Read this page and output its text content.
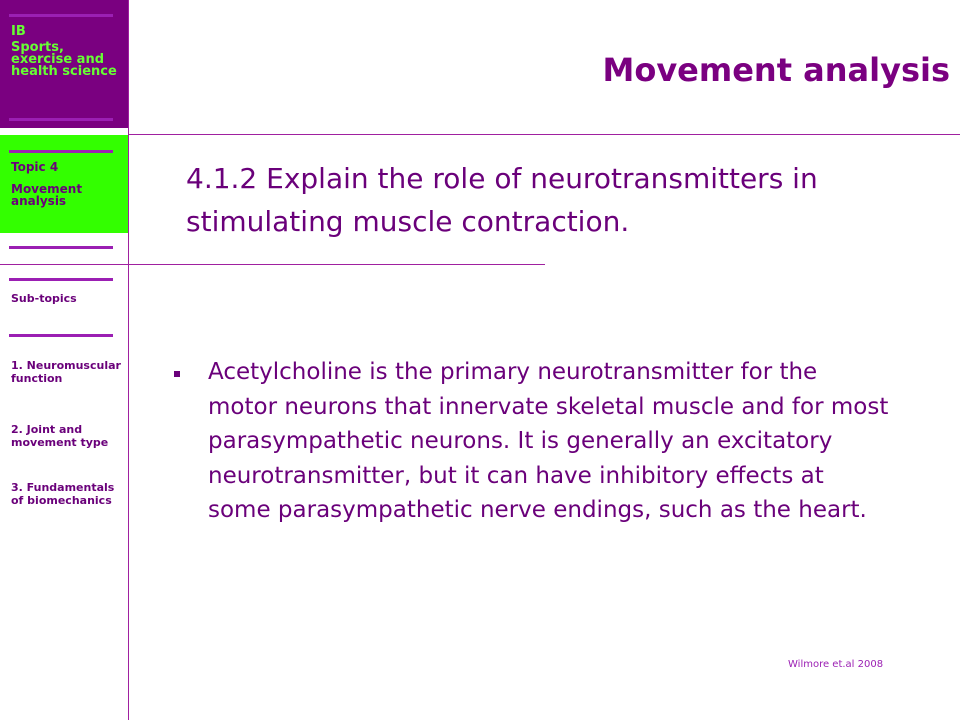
IB
Sports, exercise and health science
Topic 4
Movement analysis
Sub-topics
1. Neuromuscular function
2. Joint and movement type
3. Fundamentals of biomechanics
Movement analysis
4.1.2 Explain the role of neurotransmitters in stimulating muscle contraction.
Acetylcholine is the primary neurotransmitter for the motor neurons that innervate skeletal muscle and for most parasympathetic neurons. It is generally an excitatory neurotransmitter, but it can have inhibitory effects at some parasympathetic nerve endings, such as the heart.
Wilmore et.al 2008
